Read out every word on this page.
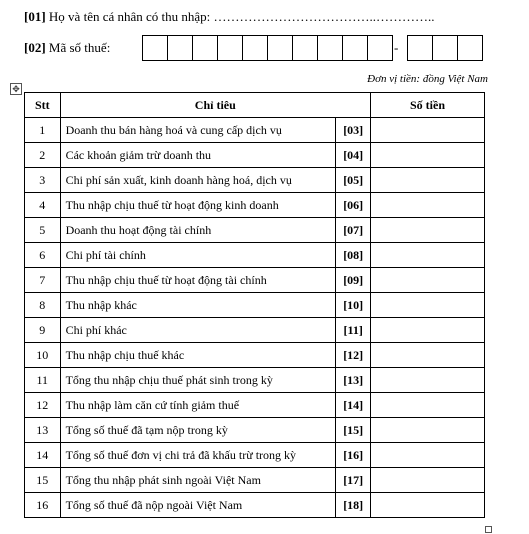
[01] Họ và tên cá nhân có thu nhập: ………………………………..…………..
[02] Mã số thuế:	-
Đơn vị tiền: đồng Việt Nam
✥
Stt	Chỉ tiêu		Số tiền
1	Doanh thu bán hàng hoá và cung cấp dịch vụ	[03]	
2	Các khoản giảm trừ doanh thu	[04]	
3	Chi phí sản xuất, kinh doanh hàng hoá, dịch vụ	[05]	
4	Thu nhập chịu thuế từ hoạt động kinh doanh	[06]	
5	Doanh thu hoạt động tài chính	[07]	
6	Chi phí tài chính	[08]	
7	Thu nhập chịu thuế từ hoạt động tài chính	[09]	
8	Thu nhập khác	[10]	
9	Chi phí khác	[11]	
10	Thu nhập chịu thuế khác	[12]	
11	Tổng thu nhập chịu thuế phát sinh trong kỳ	[13]	
12	Thu nhập làm căn cứ tính giảm thuế	[14]	
13	Tổng số thuế đã tạm nộp trong kỳ	[15]	
14	Tổng số thuế đơn vị chi trả đã khấu trừ trong kỳ	[16]	
15	Tổng thu nhập phát sinh ngoài Việt Nam	[17]	
16	Tổng số thuế đã nộp ngoài Việt Nam	[18]	
